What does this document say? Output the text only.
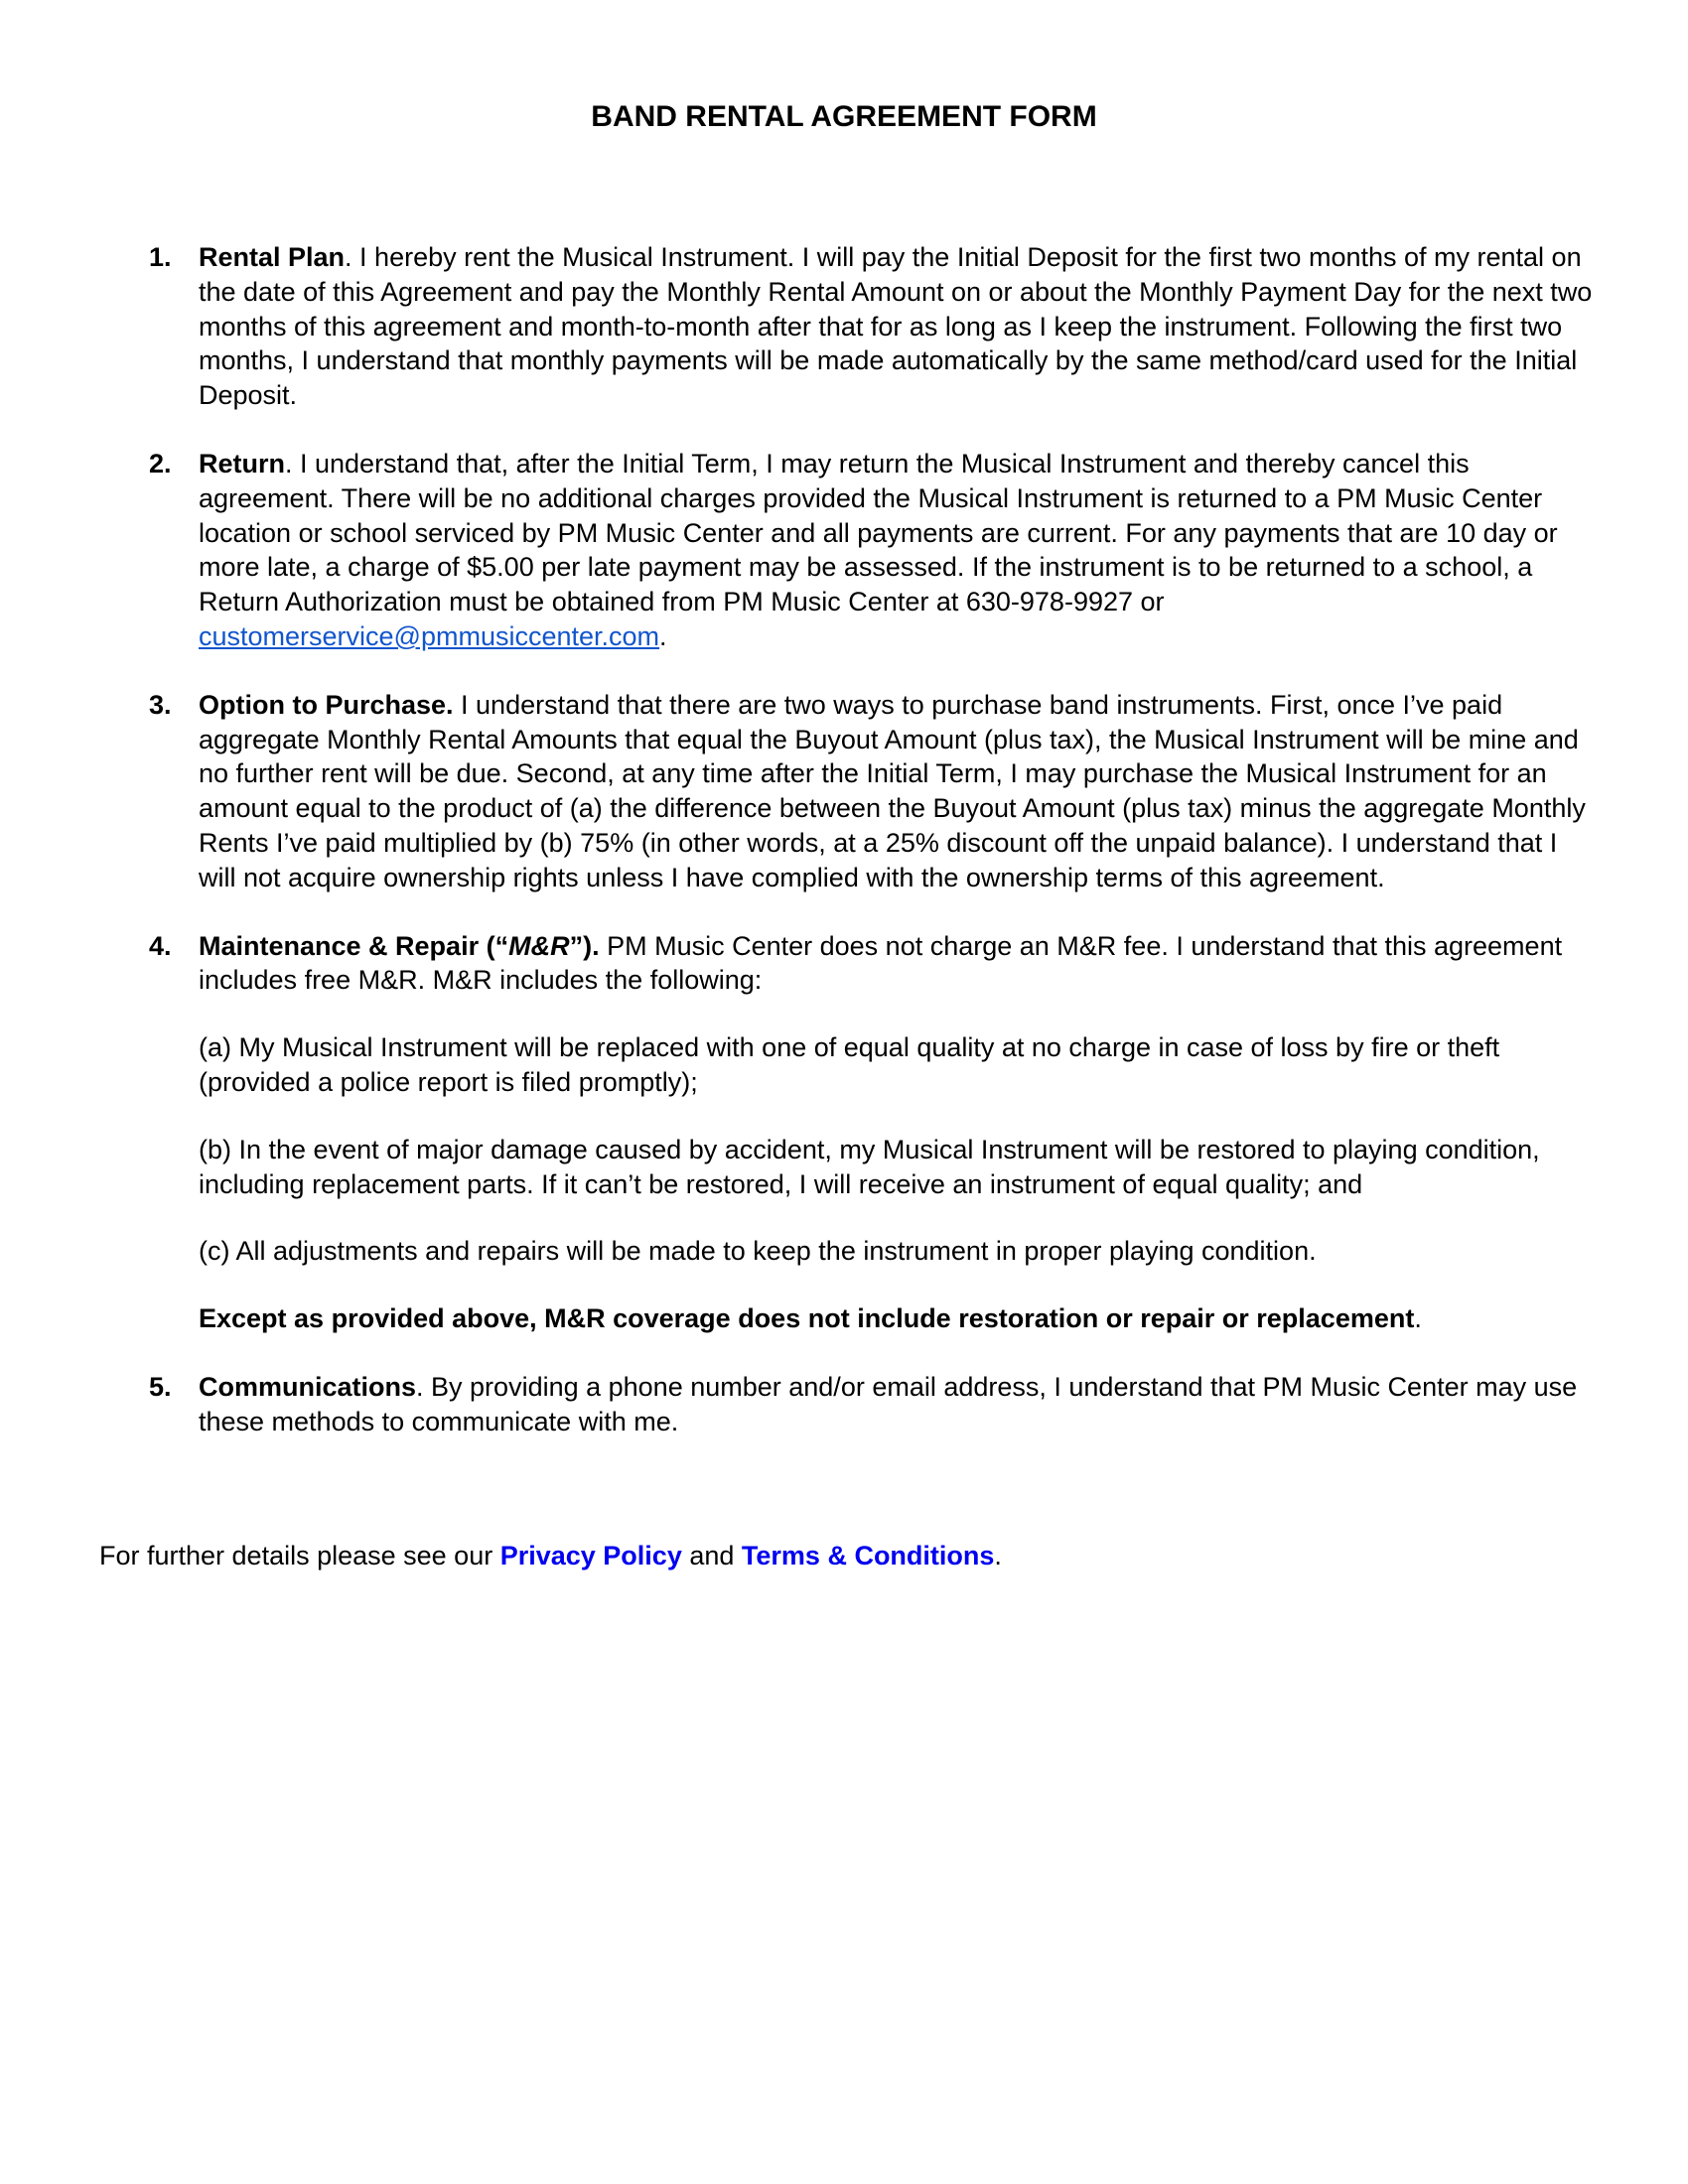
BAND RENTAL AGREEMENT FORM
1. Rental Plan. I hereby rent the Musical Instrument. I will pay the Initial Deposit for the first two months of my rental on the date of this Agreement and pay the Monthly Rental Amount on or about the Monthly Payment Day for the next two months of this agreement and month-to-month after that for as long as I keep the instrument. Following the first two months, I understand that monthly payments will be made automatically by the same method/card used for the Initial Deposit.

2. Return. I understand that, after the Initial Term, I may return the Musical Instrument and thereby cancel this agreement. There will be no additional charges provided the Musical Instrument is returned to a PM Music Center location or school serviced by PM Music Center and all payments are current. For any payments that are 10 day or more late, a charge of $5.00 per late payment may be assessed. If the instrument is to be returned to a school, a Return Authorization must be obtained from PM Music Center at 630-978-9927 or customerservice@pmmusiccenter.com.

3. Option to Purchase. I understand that there are two ways to purchase band instruments. First, once I’ve paid aggregate Monthly Rental Amounts that equal the Buyout Amount (plus tax), the Musical Instrument will be mine and no further rent will be due. Second, at any time after the Initial Term, I may purchase the Musical Instrument for an amount equal to the product of (a) the difference between the Buyout Amount (plus tax) minus the aggregate Monthly Rents I’ve paid multiplied by (b) 75% (in other words, at a 25% discount off the unpaid balance). I understand that I will not acquire ownership rights unless I have complied with the ownership terms of this agreement.

4. Maintenance & Repair (“M&R”). PM Music Center does not charge an M&R fee. I understand that this agreement includes free M&R. M&R includes the following:

(a) My Musical Instrument will be replaced with one of equal quality at no charge in case of loss by fire or theft (provided a police report is filed promptly);

(b) In the event of major damage caused by accident, my Musical Instrument will be restored to playing condition, including replacement parts. If it can’t be restored, I will receive an instrument of equal quality; and

(c) All adjustments and repairs will be made to keep the instrument in proper playing condition.

Except as provided above, M&R coverage does not include restoration or repair or replacement.

5. Communications. By providing a phone number and/or email address, I understand that PM Music Center may use these methods to communicate with me.

For further details please see our Privacy Policy and Terms & Conditions.
